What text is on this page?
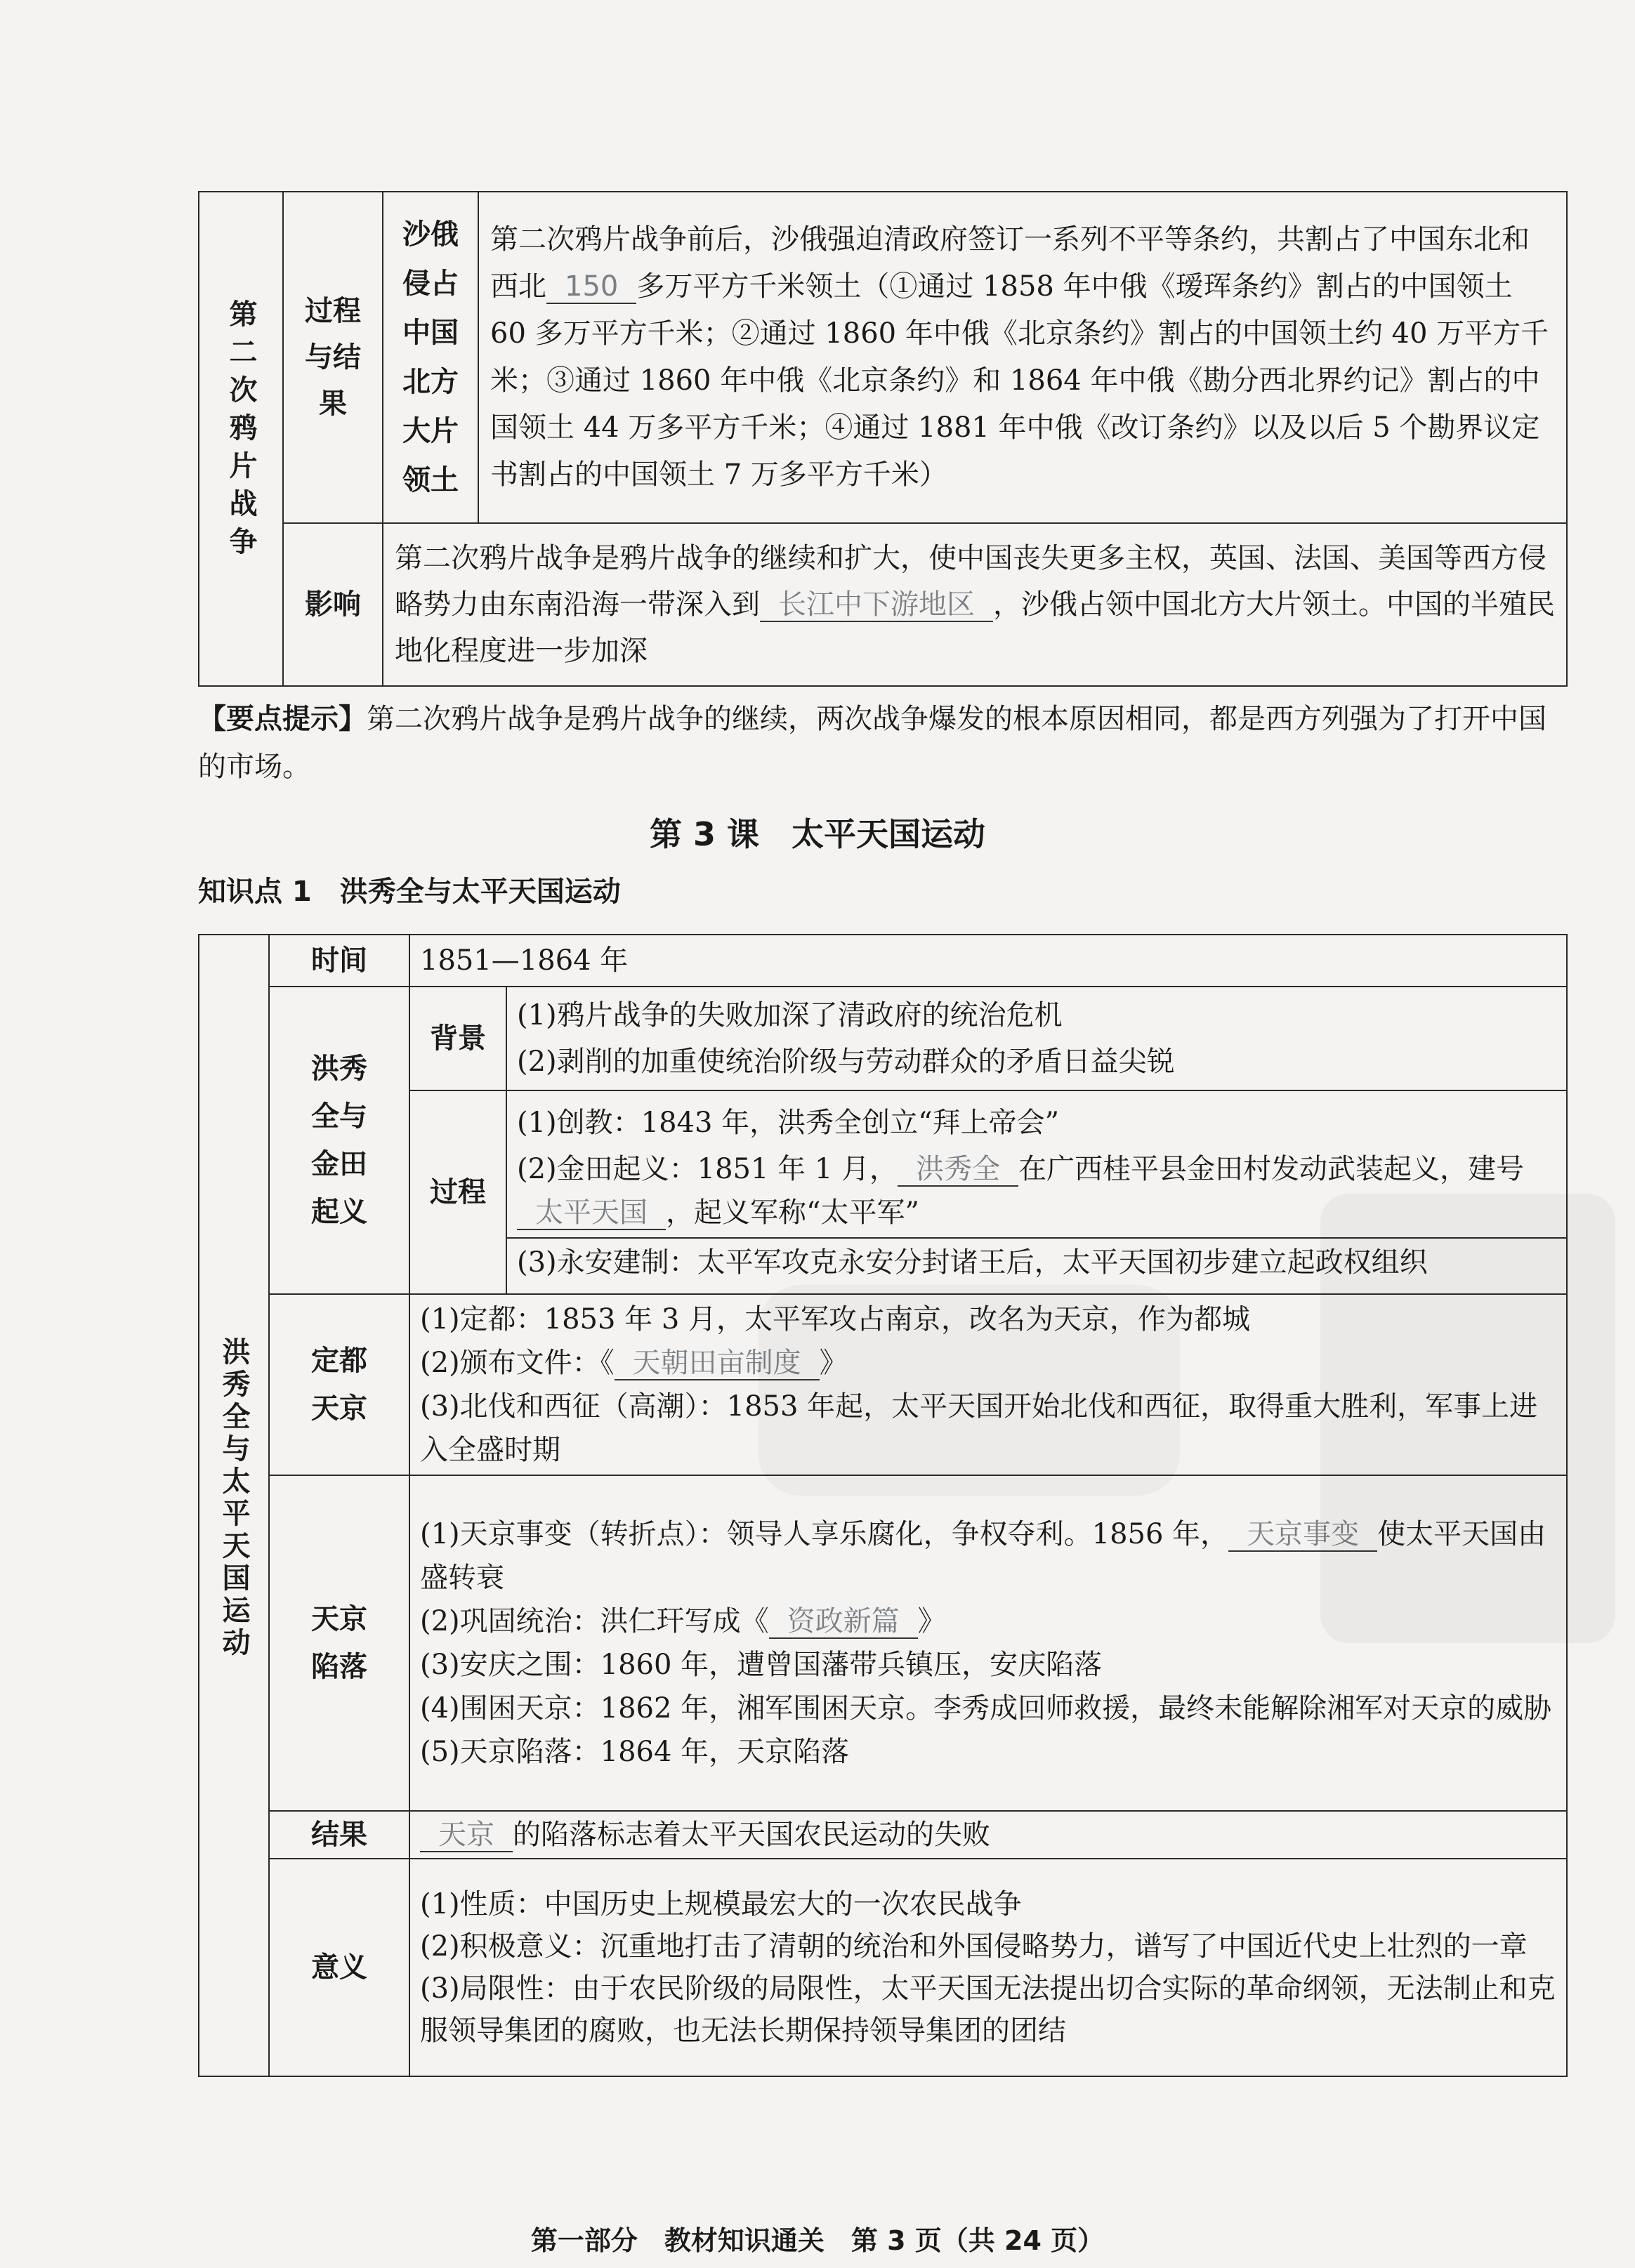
第二次鸦片战争	过程与结果	沙俄侵占中国北方大片领土	第二次鸦片战争前后，沙俄强迫清政府签订一系列不平等条约，共割占了中国东北和西北 150 多万平方千米领土（①通过 1858 年中俄《瑷珲条约》割占的中国领土 60 多万平方千米；②通过 1860 年中俄《北京条约》割占的中国领土约 40 万平方千米；③通过 1860 年中俄《北京条约》和 1864 年中俄《勘分西北界约记》割占的中国领土 44 万多平方千米；④通过 1881 年中俄《改订条约》以及以后 5 个勘界议定书割占的中国领土 7 万多平方千米）
	影响	第二次鸦片战争是鸦片战争的继续和扩大，使中国丧失更多主权，英国、法国、美国等西方侵略势力由东南沿海一带深入到 长江中下游地区 ，沙俄占领中国北方大片领土。中国的半殖民地化程度进一步加深	
【要点提示】第二次鸦片战争是鸦片战争的继续，两次战争爆发的根本原因相同，都是西方列强为了打开中国的市场。
第 3 课　太平天国运动
知识点 1　洪秀全与太平天国运动
洪秀全与太平天国运动	时间	1851—1864 年	
	洪秀全与金田起义	背景	(1)鸦片战争的失败加深了清政府的统治危机
(2)剥削的加重使统治阶级与劳动群众的矛盾日益尖锐

		过程	(1)创教：1843 年，洪秀全创立“拜上帝会”
(2)金田起义：1851 年 1 月， 洪秀全 在广西桂平县金田村发动武装起义，建号太平天国 ，起义军称“太平军”
(3)永安建制：太平军攻克永安分封诸王后，太平天国初步建立起政权组织

	定都天京	(1)定都：1853 年 3 月，太平军攻占南京，改名为天京，作为都城
(2)颁布文件：《 天朝田亩制度 》
(3)北伐和西征（高潮）：1853 年起，太平天国开始北伐和西征，取得重大胜利，军事上进入全盛时期	

	天京陷落	(1)天京事变（转折点）：领导人享乐腐化，争权夺利。1856 年， 天京事变 使太平天国由盛转衰
(2)巩固统治：洪仁玕写成《 资政新篇 》
(3)安庆之围：1860 年，遭曾国藩带兵镇压，安庆陷落
(4)围困天京：1862 年，湘军围困天京。李秀成回师救援，最终未能解除湘军对天京的威胁
(5)天京陷落：1864 年，天京陷落	

	结果	天京 的陷落标志着太平天国农民运动的失败	
	意义	(1)性质：中国历史上规模最宏大的一次农民战争
(2)积极意义：沉重地打击了清朝的统治和外国侵略势力，谱写了中国近代史上壮烈的一章
(3)局限性：由于农民阶级的局限性，太平天国无法提出切合实际的革命纲领，无法制止和克服领导集团的腐败，也无法长期保持领导集团的团结	
第一部分　教材知识通关　第 3 页（共 24 页）
